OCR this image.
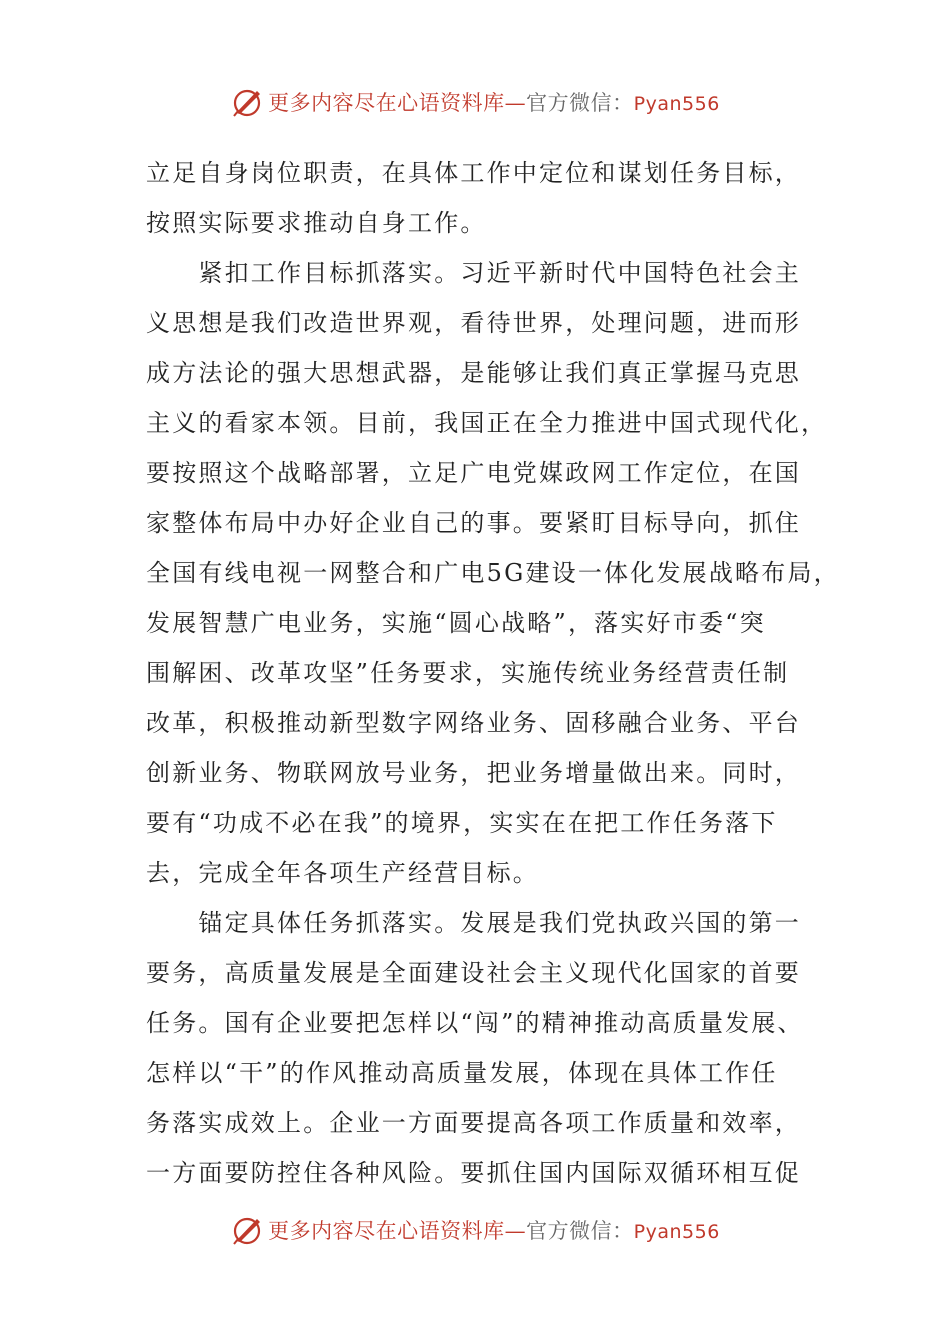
更多内容尽在心语资料库—官方微信：Pyan556
立足自身岗位职责，在具体工作中定位和谋划任务目标，
按照实际要求推动自身工作。
　　紧扣工作目标抓落实。习近平新时代中国特色社会主
义思想是我们改造世界观，看待世界，处理问题，进而形
成方法论的强大思想武器，是能够让我们真正掌握马克思
主义的看家本领。目前，我国正在全力推进中国式现代化，
要按照这个战略部署，立足广电党媒政网工作定位，在国
家整体布局中办好企业自己的事。要紧盯目标导向，抓住
全国有线电视一网整合和广电5G建设一体化发展战略布局，
发展智慧广电业务，实施“圆心战略”，落实好市委“突
围解困、改革攻坚”任务要求，实施传统业务经营责任制
改革，积极推动新型数字网络业务、固移融合业务、平台
创新业务、物联网放号业务，把业务增量做出来。同时，
要有“功成不必在我”的境界，实实在在把工作任务落下
去，完成全年各项生产经营目标。
　　锚定具体任务抓落实。发展是我们党执政兴国的第一
要务，高质量发展是全面建设社会主义现代化国家的首要
任务。国有企业要把怎样以“闯”的精神推动高质量发展、
怎样以“干”的作风推动高质量发展，体现在具体工作任
务落实成效上。企业一方面要提高各项工作质量和效率，
一方面要防控住各种风险。要抓住国内国际双循环相互促
更多内容尽在心语资料库—官方微信：Pyan556
